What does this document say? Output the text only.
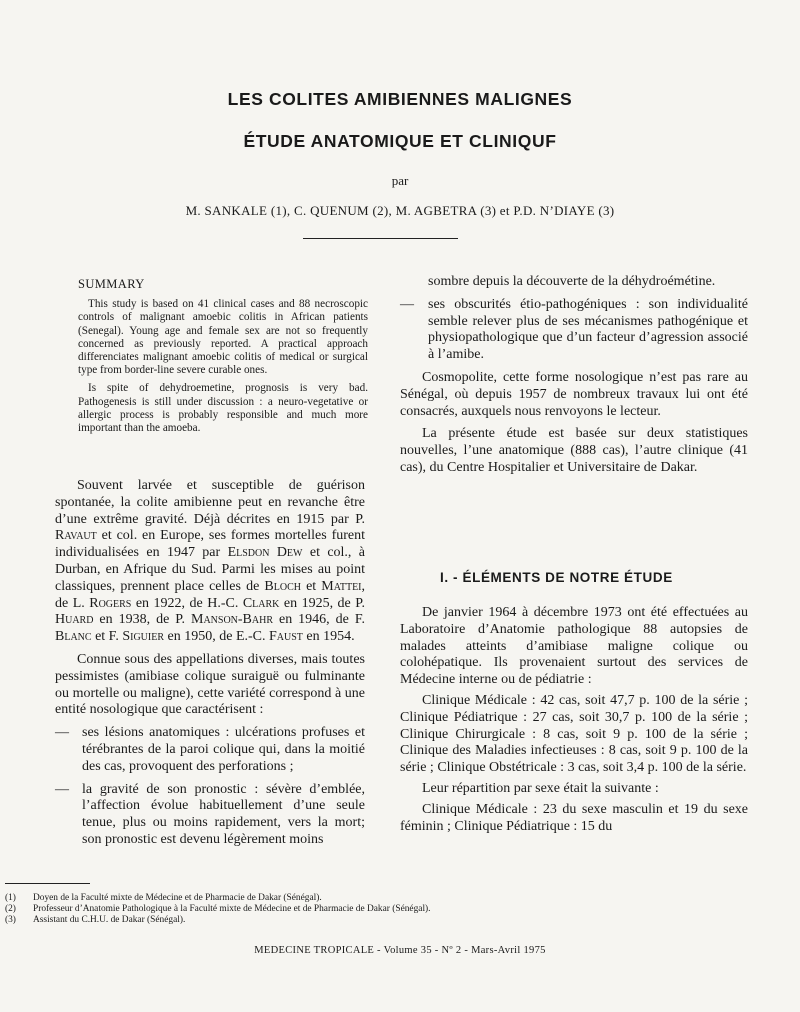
LES COLITES AMIBIENNES MALIGNES
ÉTUDE ANATOMIQUE ET CLINIQUF
par
M. SANKALE (1), C. QUENUM (2), M. AGBETRA (3) et P.D. N’DIAYE (3)
SUMMARY

This study is based on 41 clinical cases and 88 necroscopic controls of malignant amoebic colitis in African patients (Senegal). Young age and female sex are not so frequently concerned as previously reported. A practical approach differenciates malignant amoebic colitis of medical or surgical type from border-line severe curable ones.

Is spite of dehydroemetine, prognosis is very bad. Pathogenesis is still under discussion : a neuro-vegetative or allergic process is probably responsible and much more important than the amoeba.

Souvent larvée et susceptible de guérison spontanée, la colite amibienne peut en revanche être d’une extrême gravité. Déjà décrites en 1915 par P. Ravaut et col. en Europe, ses formes mortelles furent individualisées en 1947 par Elsdon Dew et col., à Durban, en Afrique du Sud. Parmi les mises au point classiques, prennent place celles de Bloch et Mattei, de L. Rogers en 1922, de H.-C. Clark en 1925, de P. Huard en 1938, de P. Manson-Bahr en 1946, de F. Blanc et F. Siguier en 1950, de E.-C. Faust en 1954.

Connue sous des appellations diverses, mais toutes pessimistes (amibiase colique suraiguë ou fulminante ou mortelle ou maligne), cette variété correspond à une entité nosologique que caractérisent :

— ses lésions anatomiques : ulcérations profuses et térébrantes de la paroi colique qui, dans la moitié des cas, provoquent des perforations ;
— la gravité de son pronostic : sévère d’emblée, l’affection évolue habituellement d’une seule tenue, plus ou moins rapidement, vers la mort; son pronostic est devenu légèrement moins

sombre depuis la découverte de la déhydroémétine.

— ses obscurités étio-pathogéniques : son individualité semble relever plus de ses mécanismes pathogénique et physiopathologique que d’un facteur d’agression associé à l’amibe.

Cosmopolite, cette forme nosologique n’est pas rare au Sénégal, où depuis 1957 de nombreux travaux lui ont été consacrés, auxquels nous renvoyons le lecteur.

La présente étude est basée sur deux statistiques nouvelles, l’une anatomique (888 cas), l’autre clinique (41 cas), du Centre Hospitalier et Universitaire de Dakar.

I. - ÉLÉMENTS DE NOTRE ÉTUDE

De janvier 1964 à décembre 1973 ont été effectuées au Laboratoire d’Anatomie pathologique 88 autopsies de malades atteints d’amibiase maligne colique ou colohépatique. Ils provenaient surtout des services de Médecine interne ou de pédiatrie :

Clinique Médicale : 42 cas, soit 47,7 p. 100 de la série ; Clinique Pédiatrique : 27 cas, soit 30,7 p. 100 de la série ; Clinique Chirurgicale : 8 cas, soit 9 p. 100 de la série ; Clinique des Maladies infectieuses : 8 cas, soit 9 p. 100 de la série ; Clinique Obstétricale : 3 cas, soit 3,4 p. 100 de la série.

Leur répartition par sexe était la suivante :

Clinique Médicale : 23 du sexe masculin et 19 du sexe féminin ; Clinique Pédiatrique : 15 du

(1) Doyen de la Faculté mixte de Médecine et de Pharmacie de Dakar (Sénégal).
(2) Professeur d’Anatomie Pathologique à la Faculté mixte de Médecine et de Pharmacie de Dakar (Sénégal).
(3) Assistant du C.H.U. de Dakar (Sénégal).
MEDECINE TROPICALE - Volume 35 - Nº 2 - Mars-Avril 1975
